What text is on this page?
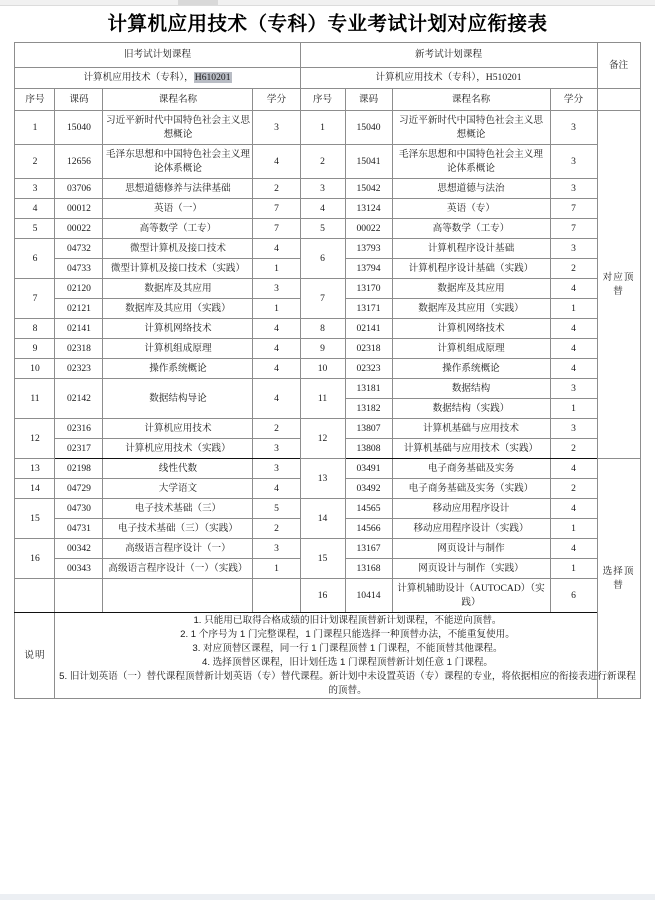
计算机应用技术（专科）专业考试计划对应衔接表
旧考试计划课程				新考试计划课程				备注
计算机应用技术（专科），H610201				计算机应用技术（专科），H510201				
序号	课码	课程名称	学分	序号	课码	课程名称	学分	
1	15040	习近平新时代中国特色社会主义思想概论	3	1	15040	习近平新时代中国特色社会主义思想概论	3	对应顶替
2	12656	毛泽东思想和中国特色社会主义理论体系概论	4	2	15041	毛泽东思想和中国特色社会主义理论体系概论	3	
3	03706	思想道德修养与法律基础	2	3	15042	思想道德与法治	3	
4	00012	英语（一）	7	4	13124	英语（专）	7	
5	00022	高等数学（工专）	7	5	00022	高等数学（工专）	7	
6	04732	微型计算机及接口技术	4	6	13793	计算机程序设计基础	3	
	04733	微型计算机及接口技术（实践）	1		13794	计算机程序设计基础（实践）	2	
7	02120	数据库及其应用	3	7	13170	数据库及其应用	4	
	02121	数据库及其应用（实践）	1		13171	数据库及其应用（实践）	1	
8	02141	计算机网络技术	4	8	02141	计算机网络技术	4	
9	02318	计算机组成原理	4	9	02318	计算机组成原理	4	
10	02323	操作系统概论	4	10	02323	操作系统概论	4	
11	02142	数据结构导论	4	11	13181	数据结构	3	
					13182	数据结构（实践）	1	
12	02316	计算机应用技术	2	12	13807	计算机基础与应用技术	3	
	02317	计算机应用技术（实践）	3		13808	计算机基础与应用技术（实践）	2	
13	02198	线性代数	3	13	03491	电子商务基础及实务	4	选择顶替
14	04729	大学语文	4		03492	电子商务基础及实务（实践）	2	
15	04730	电子技术基础（三）	5	14	14565	移动应用程序设计	4	
	04731	电子技术基础（三）（实践）	2		14566	移动应用程序设计（实践）	1	
16	00342	高级语言程序设计（一）	3	15	13167	网页设计与制作	4	
	00343	高级语言程序设计（一）（实践）	1		13168	网页设计与制作（实践）	1	
				16	10414	计算机辅助设计（AUTOCAD）（实践）	6	
说明	1. 只能用已取得合格成绩的旧计划课程顶替新计划课程，不能逆向顶替。

2. 1 个序号为 1 门完整课程，1 门课程只能选择一种顶替办法，不能重复使用。

3. 对应顶替区课程，同一行 1 门课程顶替 1 门课程，不能顶替其他课程。

4. 选择顶替区课程，旧计划任选 1 门课程顶替新计划任意 1 门课程。

5. 旧计划英语（一）替代课程顶替新计划英语（专）替代课程。新计划中未设置英语（专）课程的专业，将依据相应的衔接表进行新课程的顶替。							
